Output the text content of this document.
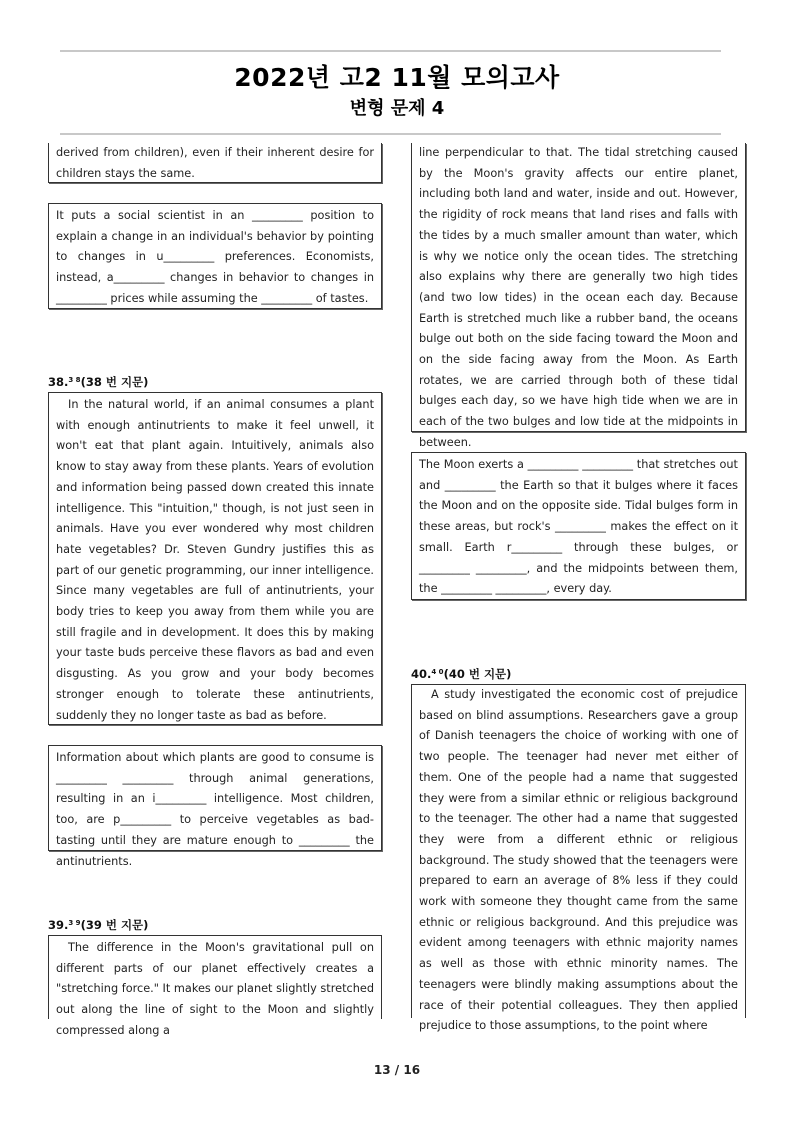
2022년 고2 11월 모의고사
변형 문제 4

derived from children), even if their inherent desire for children stays the same.

It puts a social scientist in an _________ position to explain a change in an individual's behavior by pointing to changes in u_________ preferences. Economists, instead, a_________ changes in behavior to changes in _________ prices while assuming the _________ of tastes.

38.$^{3 8}$(38 번 지문)

In the natural world, if an animal consumes a plant with enough antinutrients to make it feel unwell, it won't eat that plant again. Intuitively, animals also know to stay away from these plants. Years of evolution and information being passed down created this innate intelligence. This "intuition," though, is not just seen in animals. Have you ever wondered why most children hate vegetables? Dr. Steven Gundry justifies this as part of our genetic programming, our inner intelligence. Since many vegetables are full of antinutrients, your body tries to keep you away from them while you are still fragile and in development. It does this by making your taste buds perceive these flavors as bad and even disgusting. As you grow and your body becomes stronger enough to tolerate these antinutrients, suddenly they no longer taste as bad as before.

Information about which plants are good to consume is _________ _________ through animal generations, resulting in an i_________ intelligence. Most children, too, are p_________ to perceive vegetables as bad-tasting until they are mature enough to _________ the antinutrients.

39.$^{3 9}$(39 번 지문)

The difference in the Moon's gravitational pull on different parts of our planet effectively creates a "stretching force." It makes our planet slightly stretched out along the line of sight to the Moon and slightly compressed along a

line perpendicular to that. The tidal stretching caused by the Moon's gravity affects our entire planet, including both land and water, inside and out. However, the rigidity of rock means that land rises and falls with the tides by a much smaller amount than water, which is why we notice only the ocean tides. The stretching also explains why there are generally two high tides (and two low tides) in the ocean each day. Because Earth is stretched much like a rubber band, the oceans bulge out both on the side facing toward the Moon and on the side facing away from the Moon. As Earth rotates, we are carried through both of these tidal bulges each day, so we have high tide when we are in each of the two bulges and low tide at the midpoints in between.

The Moon exerts a _________ _________ that stretches out and _________ the Earth so that it bulges where it faces the Moon and on the opposite side. Tidal bulges form in these areas, but rock's _________ makes the effect on it small. Earth r_________ through these bulges, or _________ _________, and the midpoints between them, the _________ _________, every day.

40.$^{4 0}$(40 번 지문)

A study investigated the economic cost of prejudice based on blind assumptions. Researchers gave a group of Danish teenagers the choice of working with one of two people. The teenager had never met either of them. One of the people had a name that suggested they were from a similar ethnic or religious background to the teenager. The other had a name that suggested they were from a different ethnic or religious background. The study showed that the teenagers were prepared to earn an average of 8% less if they could work with someone they thought came from the same ethnic or religious background. And this prejudice was evident among teenagers with ethnic majority names as well as those with ethnic minority names. The teenagers were blindly making assumptions about the race of their potential colleagues. They then applied prejudice to those assumptions, to the point where

13 / 16
